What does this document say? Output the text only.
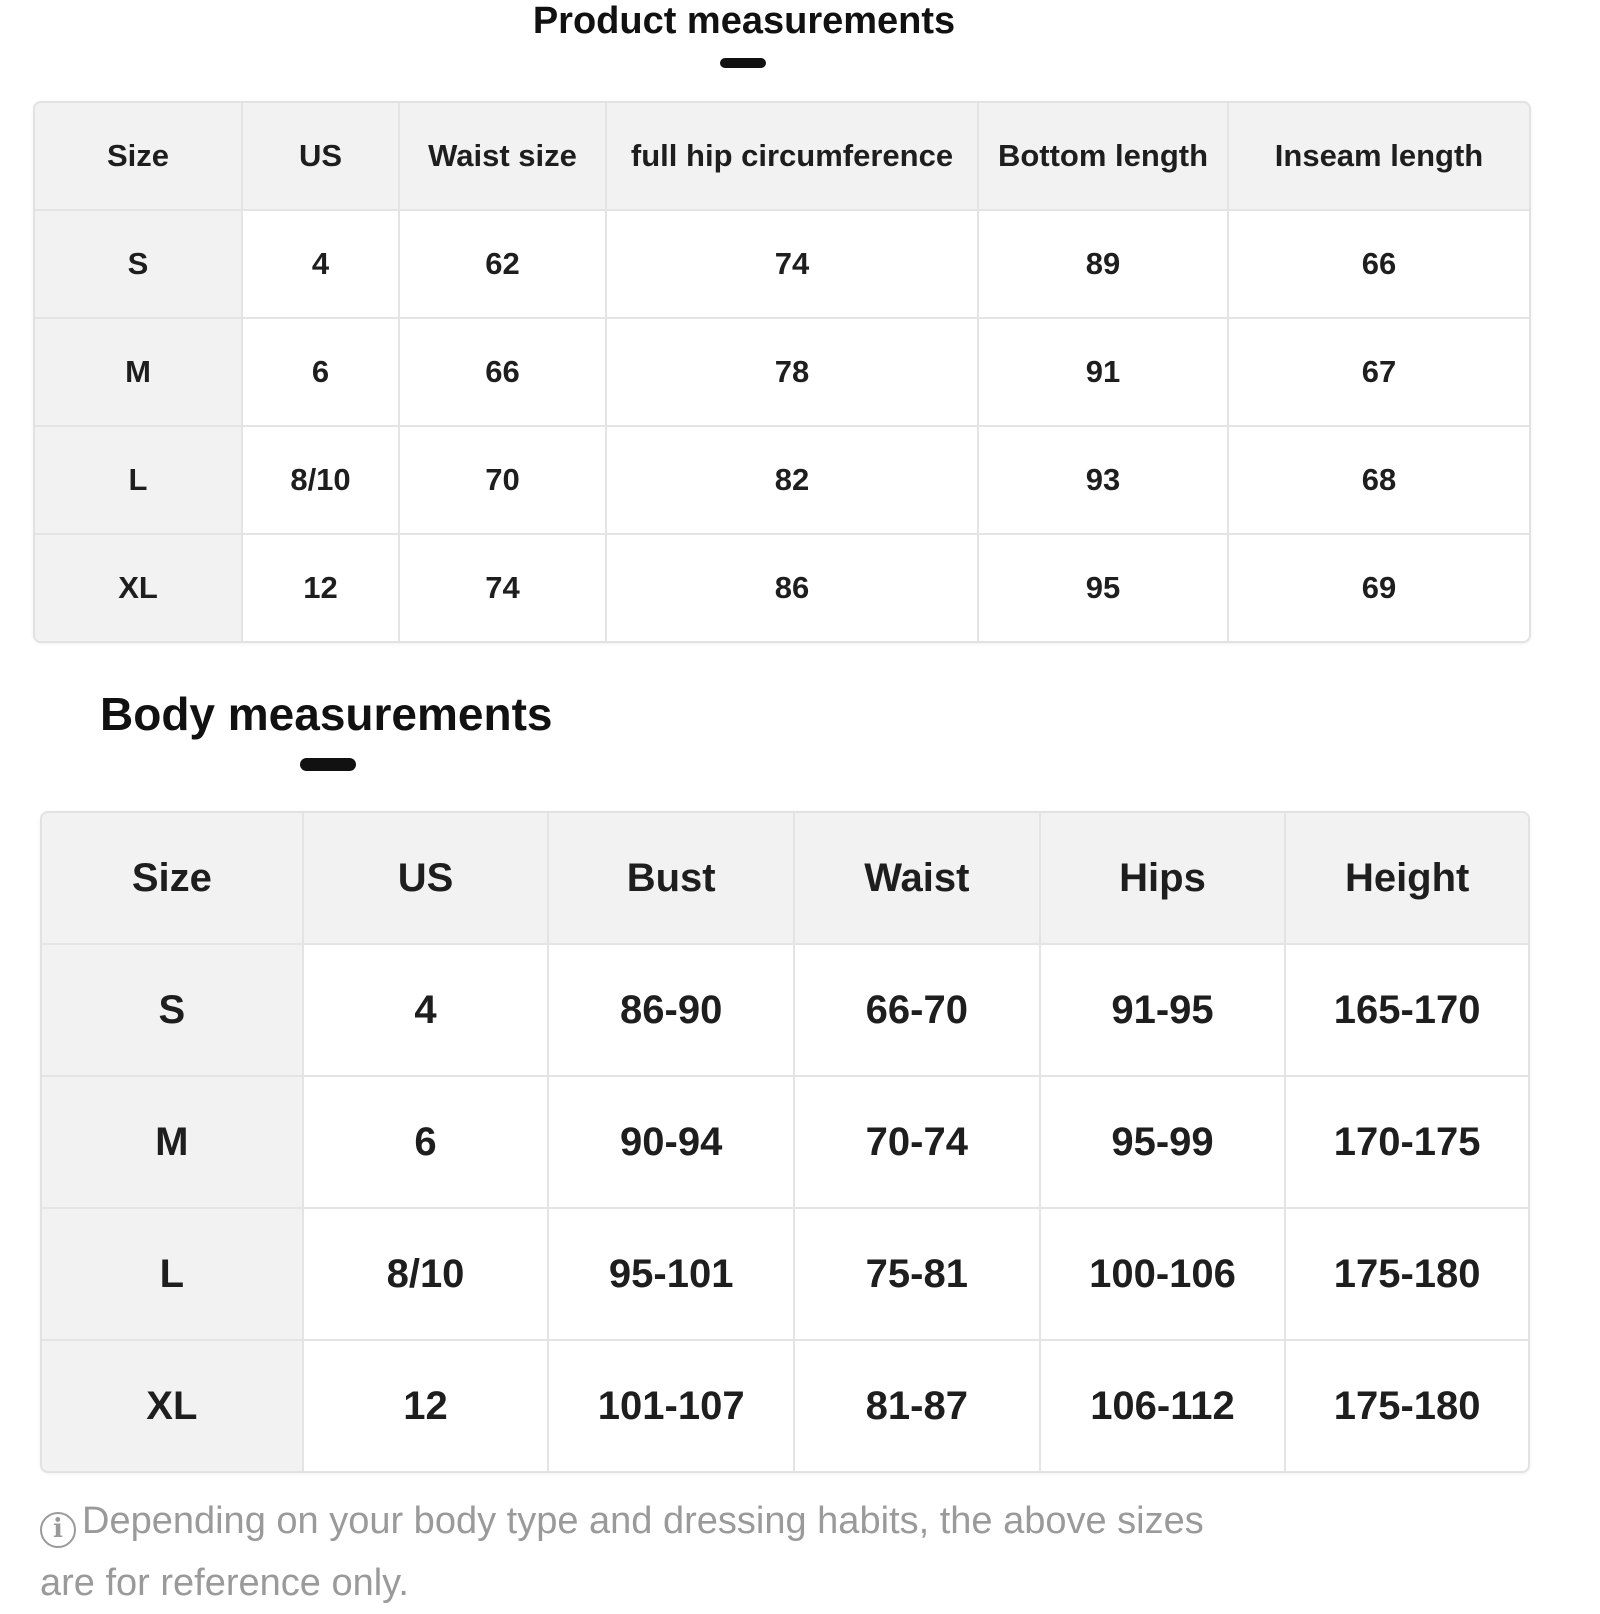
Product measurements
Size	US	Waist size	full hip circumference	Bottom length	Inseam length
S	4	62	74	89	66
M	6	66	78	91	67
L	8/10	70	82	93	68
XL	12	74	86	95	69
Body measurements
Size	US	Bust	Waist	Hips	Height
S	4	86-90	66-70	91-95	165-170
M	6	90-94	70-74	95-99	170-175
L	8/10	95-101	75-81	100-106	175-180
XL	12	101-107	81-87	106-112	175-180
i Depending on your body type and dressing habits, the above sizes are for reference only.
